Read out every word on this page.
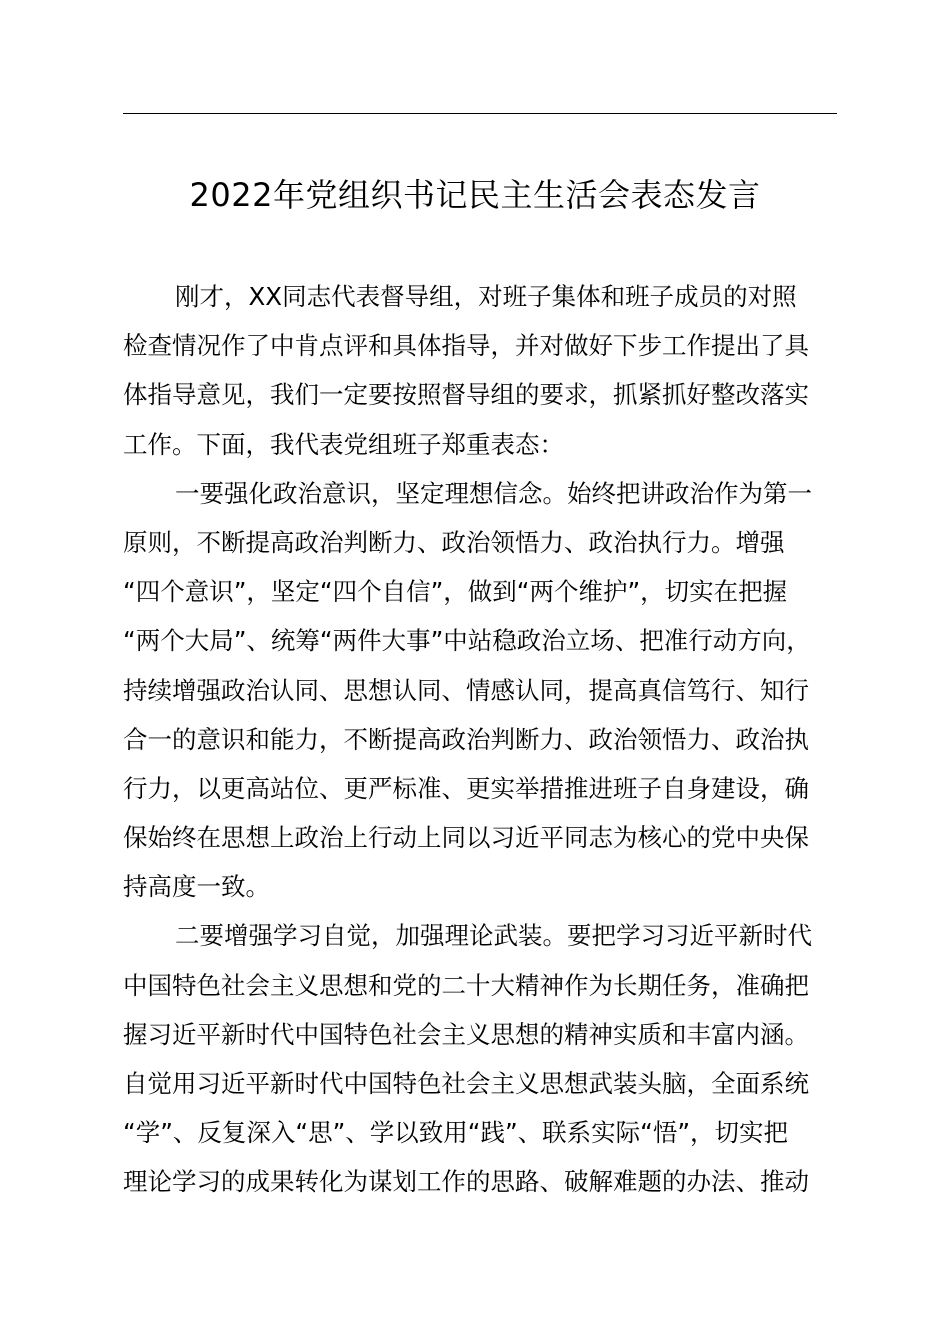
2022年党组织书记民主生活会表态发言
刚才，XX同志代表督导组，对班子集体和班子成员的对照
检查情况作了中肯点评和具体指导，并对做好下步工作提出了具
体指导意见，我们一定要按照督导组的要求，抓紧抓好整改落实
工作。下面，我代表党组班子郑重表态：
一要强化政治意识，坚定理想信念。始终把讲政治作为第一
原则，不断提高政治判断力、政治领悟力、政治执行力。增强
“四个意识”，坚定“四个自信”，做到“两个维护”，切实在把握
“两个大局”、统筹“两件大事”中站稳政治立场、把准行动方向，
持续增强政治认同、思想认同、情感认同，提高真信笃行、知行
合一的意识和能力，不断提高政治判断力、政治领悟力、政治执
行力，以更高站位、更严标准、更实举措推进班子自身建设，确
保始终在思想上政治上行动上同以习近平同志为核心的党中央保
持高度一致。
二要增强学习自觉，加强理论武装。要把学习习近平新时代
中国特色社会主义思想和党的二十大精神作为长期任务，准确把
握习近平新时代中国特色社会主义思想的精神实质和丰富内涵。
自觉用习近平新时代中国特色社会主义思想武装头脑，全面系统
“学”、反复深入“思”、学以致用“践”、联系实际“悟”，切实把
理论学习的成果转化为谋划工作的思路、破解难题的办法、推动
